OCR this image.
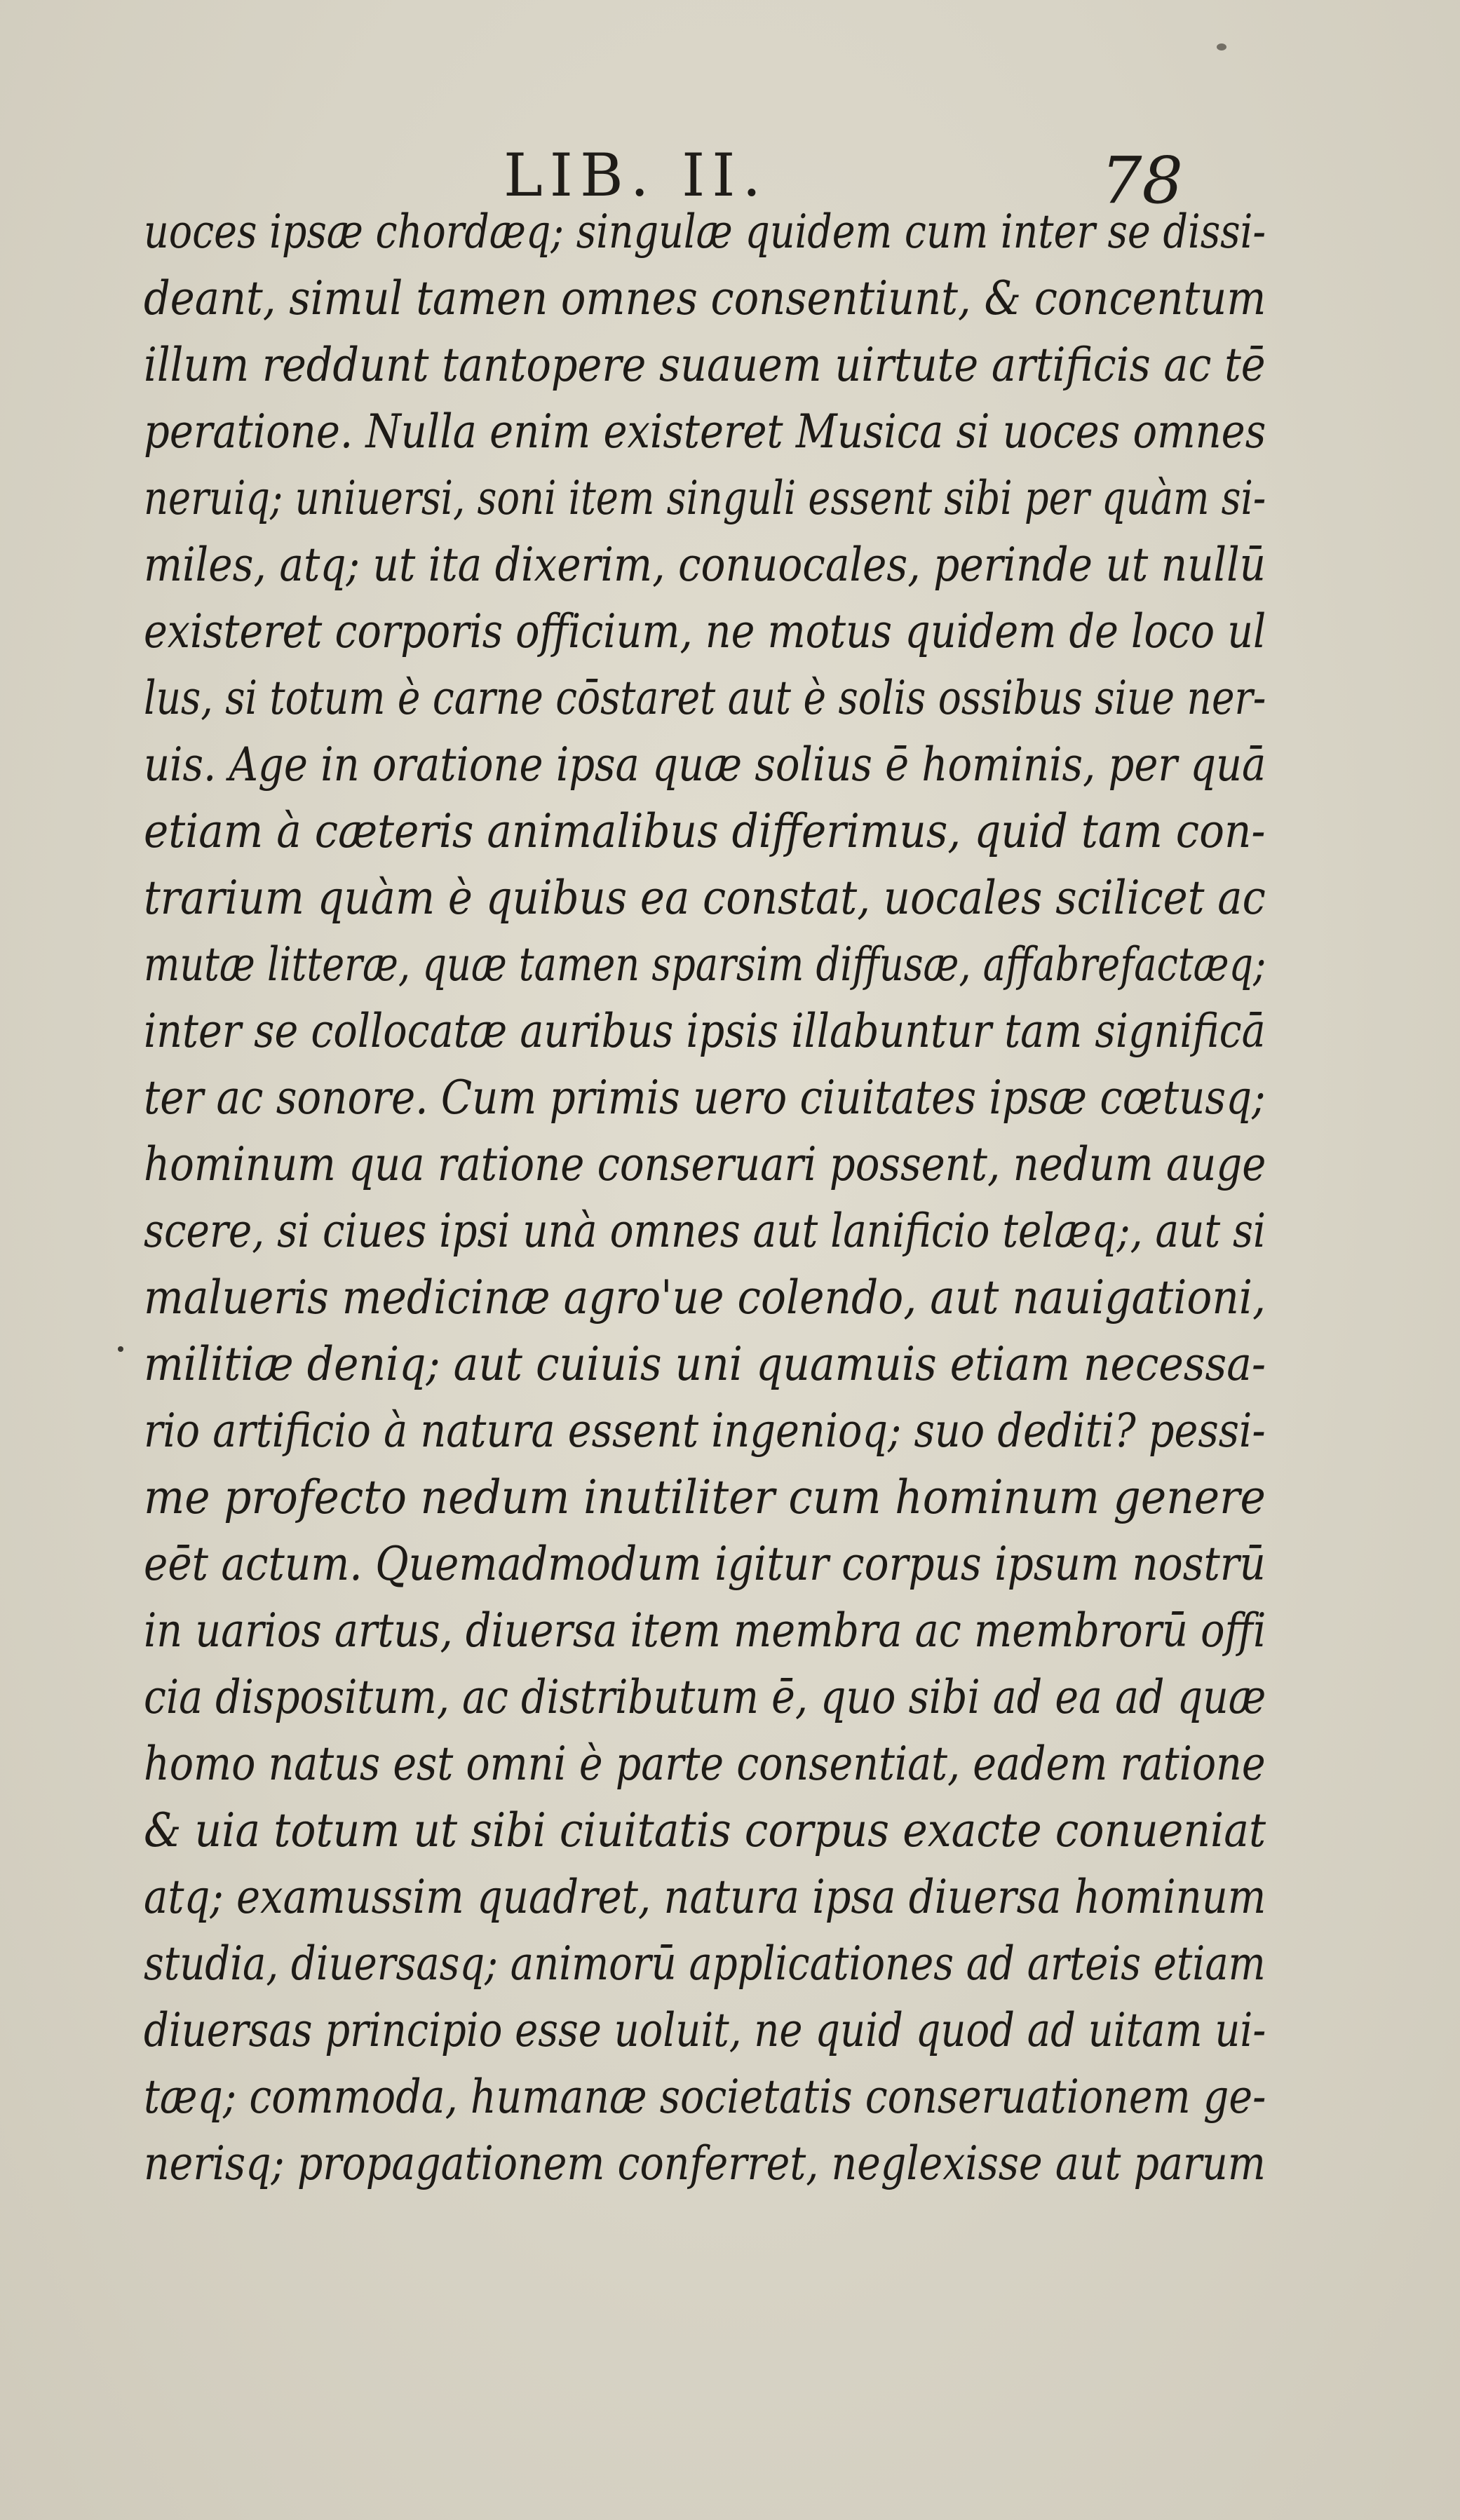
LIB. II.	78
uoces ipsæ chordæq; singulæ quidem cum inter se dissi-
deant, simul tamen omnes consentiunt, & concentum
illum reddunt tantopere suauem uirtute artificis ac tē
peratione. Nulla enim existeret Musica si uoces omnes
neruiq; uniuersi, soni item singuli essent sibi per quàm si-
miles, atq; ut ita dixerim, conuocales, perinde ut nullū
existeret corporis officium, ne motus quidem de loco ul
lus, si totum è carne cōstaret aut è solis ossibus siue ner-
uis. Age in oratione ipsa quæ solius ē hominis, per quā
etiam à cæteris animalibus differimus, quid tam con-
trarium quàm è quibus ea constat, uocales scilicet ac
mutæ litteræ, quæ tamen sparsim diffusæ, affabrefactæq;
inter se collocatæ auribus ipsis illabuntur tam significā
ter ac sonore. Cum primis uero ciuitates ipsæ cœtusq;
hominum qua ratione conseruari possent, nedum auge
scere, si ciues ipsi unà omnes aut lanificio telæq;, aut si
malueris medicinæ agro'ue colendo, aut nauigationi,
militiæ deniq; aut cuiuis uni quamuis etiam necessa-
rio artificio à natura essent ingenioq; suo dediti? pessi-
me profecto nedum inutiliter cum hominum genere
eēt actum. Quemadmodum igitur corpus ipsum nostrū
in uarios artus, diuersa item membra ac membrorū offi
cia dispositum, ac distributum ē, quo sibi ad ea ad quæ
homo natus est omni è parte consentiat, eadem ratione
& uia totum ut sibi ciuitatis corpus exacte conueniat
atq; examussim quadret, natura ipsa diuersa hominum
studia, diuersasq; animorū applicationes ad arteis etiam
diuersas principio esse uoluit, ne quid quod ad uitam ui-
tæq; commoda, humanæ societatis conseruationem ge-
nerisq; propagationem conferret, neglexisse aut parum
